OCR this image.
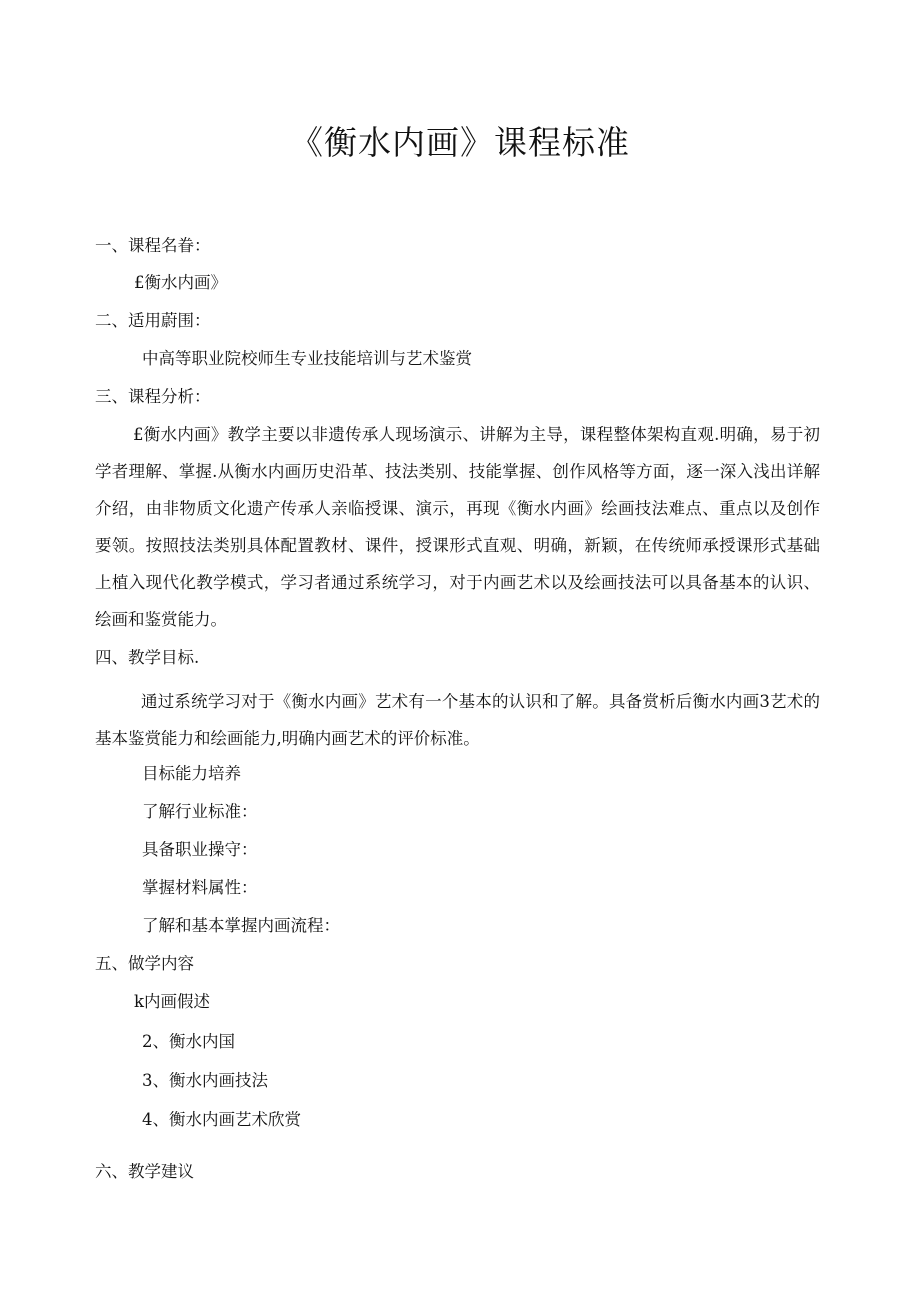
《衡水内画》课程标准
一、课程名眷：
£衡水内画》
二、适用蔚围：
中高等职业院校师生专业技能培训与艺术鉴赏
三、课程分析：
£衡水内画》教学主要以非遗传承人现场演示、讲解为主导，课程整体架构直观.明确，易于初学者理解、掌握.从衡水内画历史沿革、技法类别、技能掌握、创作风格等方面，逐一深入浅出详解介绍，由非物质文化遗产传承人亲临授课、演示，再现《衡水内画》绘画技法难点、重点以及创作要领。按照技法类别具体配置教材、课件，授课形式直观、明确，新颖，在传统师承授课形式基础上植入现代化教学模式，学习者通过系统学习，对于内画艺术以及绘画技法可以具备基本的认识、绘画和鉴赏能力。
四、教学目标.
通过系统学习对于《衡水内画》艺术有一个基本的认识和了解。具备赏析后衡水内画3艺术的基本鉴赏能力和绘画能力,明确内画艺术的评价标准。
目标能力培养
了解行业标准：
具备职业操守：
掌握材料属性：
了解和基本掌握内画流程：
五、做学内容
k内画假述
2、衡水内国
3、衡水内画技法
4、衡水内画艺术欣赏
六、教学建议
